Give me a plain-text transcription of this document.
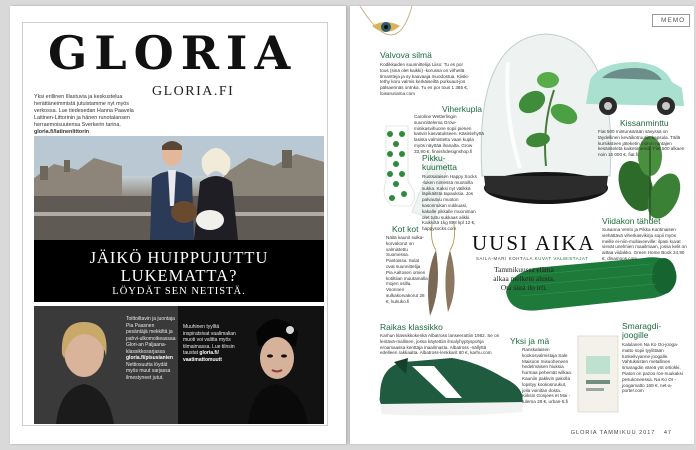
GLORIA
GLORIA.FI
Yksi erillinen Illastuvia ja keskustelua herättäneimmistä jutuistamme nyt myös verkossa. Lue tiedesedan Hanna Paavela Laitinen-Littorinin ja hänen runotalansen herraemoisuutensa Sverkerin tarina.
gloria.fi/latinenlittorin
JÄIKÖ HUIPPUJUTTU
LUKEMATTA?
LÖYDÄT SEN NETISTÄ.
Toittoiltavin ja juontaja Pia Paasnen pesäntäjä mekkiltä ja pahvi-ulkomoikeassaa Glori-an Paljaana-klassikkosarjassa gloria.fi/pisusianien Nettiosuutta löydät myös muut sarjassa ilmestyneet jutut.
Muuhinen tyylltä inspiratsivat vaalimalian muoti voi valitta myös tilmaimassa. Lue tilnsin taustat gloria.fi/ vaatimattomuutt
MEMO
Valvova silmä
Kodikkaiden suunnittelija Liiso: Tu es por tous (sinä olet kaikki) -korussa on virhetlä timantteja ja sy kaavaaja muodostua. Kiiski-tethy koru valmis kerkäiseiltä purkuaut-jos pälsaerinäs ontnka. Tu es por tous 1 365 €, loisaruriama.com
Viherkupla
Caroline Wetterlingin suunnittelema Grow-minikasvihuone sopii pienen kasvin kasvatukseen. Käsinlehyttä lasista valmistettu vaan kupla myös näyttää ihanalta. Grow 33,90 €, finnishdesignshop.fi
Pikku-kuumetta
Ruotsalaisen Happy Socks -tuken nimessä muotoilla sukka. Kaksi nyt välikkä läpikäitsta tapauksia. Jos palvautuu muoton kasonnukan vukkuasi, kakalle pikkalle muoniman olet tuttu sukkaas alikki. Kaikkiltä 1kg 898 kpl 12 €, happysocks.com
Kissanminttu
Fiat 500 mintunsärään sävyssä on täydellinen keväikotruutiin kapsula. Tällä kursiksteen jäteketin moron rantajen kesäinteletä kaiketimessa. Fiat 500 alkaen noin 15 000 €, fiat.fi
Kot kot
Näitä kaunit sulka-korvakorut on valmistettu Suomessa. Pantoissa. Sulat ovat suunnittelija Pia Aaltosen omien kotiltiian muutamalla mojen osilla. Voonnen sulkakorvakorut 28 €, kukuko.fi
Viidakon tähdet
Susanna Vento ja Pikka Kantinaisen viehättävä viherkasvikirja sopii myös meille ei-niin-mullaveeville: ilpasi kuvat vievät unelmien maailmaan, jossa kelit on aittaa viidakko. Green Home Book 24,90 €, dinamoos.com
Raikas klassikko
Karhun klassikkokenkä Albatross lanseerattiin 1982. Se on lentävä-mallinen, jossa käytettiin ilmalyhyptyspohja eroamaassa kenttäja maailmasta. Albatross -nällyttä edelleen rakkaalta. Albatross-lenkkarit 80 €, karhu.com
Yksi ja mä
Ranskalaisen kookosvalmistaja Sale Maisoon misuoheneen hedelmäisen hiuksia hurmaa pehemät wilkaa. Kauniin pakkvin pakolla lopstyy kookosruukut, joila voinitan dosta. Kiiksin Gonjees et Mai - tulema 28 €, urban-5.fi
Smaragdi-joogille
Kalulanen Na Ko Oo-jooga-matto sopii tyylittään tunkeilvyanne joogalle. Vahtuksisten metallinen smaragdin väreä yöt ortiokki. Piaton on pazoo ron-nuukaksi pesukoneessa. Na Ko Or -joogamatto 169 €, net-a-porter.com
UUSI AIKA
SAILA-MARI KOHTALA KUVAT VALMISTAJAT
Tammikuussa elämä
alkaa melkein alusta.
Ota siitä ilo irti.
GLORIA TAMMIKUU 2017 47
